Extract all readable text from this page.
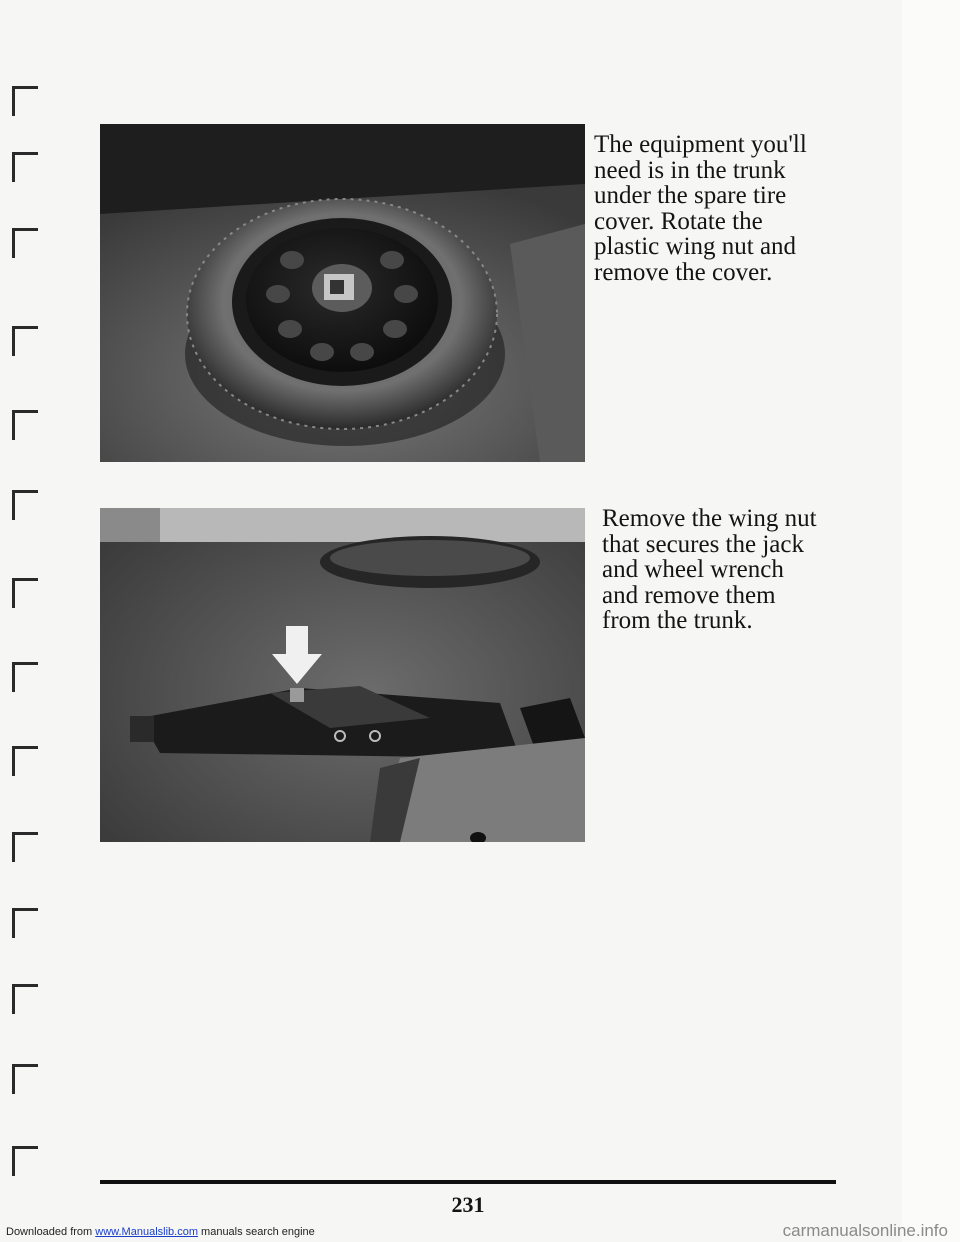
The equipment you'll
need is in the trunk
under the spare tire
cover. Rotate the
plastic wing nut and
remove the cover.

Remove the wing nut
that secures the jack
and wheel wrench
and remove them
from the trunk.

231
Downloaded from www.Manualslib.com manuals search engine	carmanualsonline.info
